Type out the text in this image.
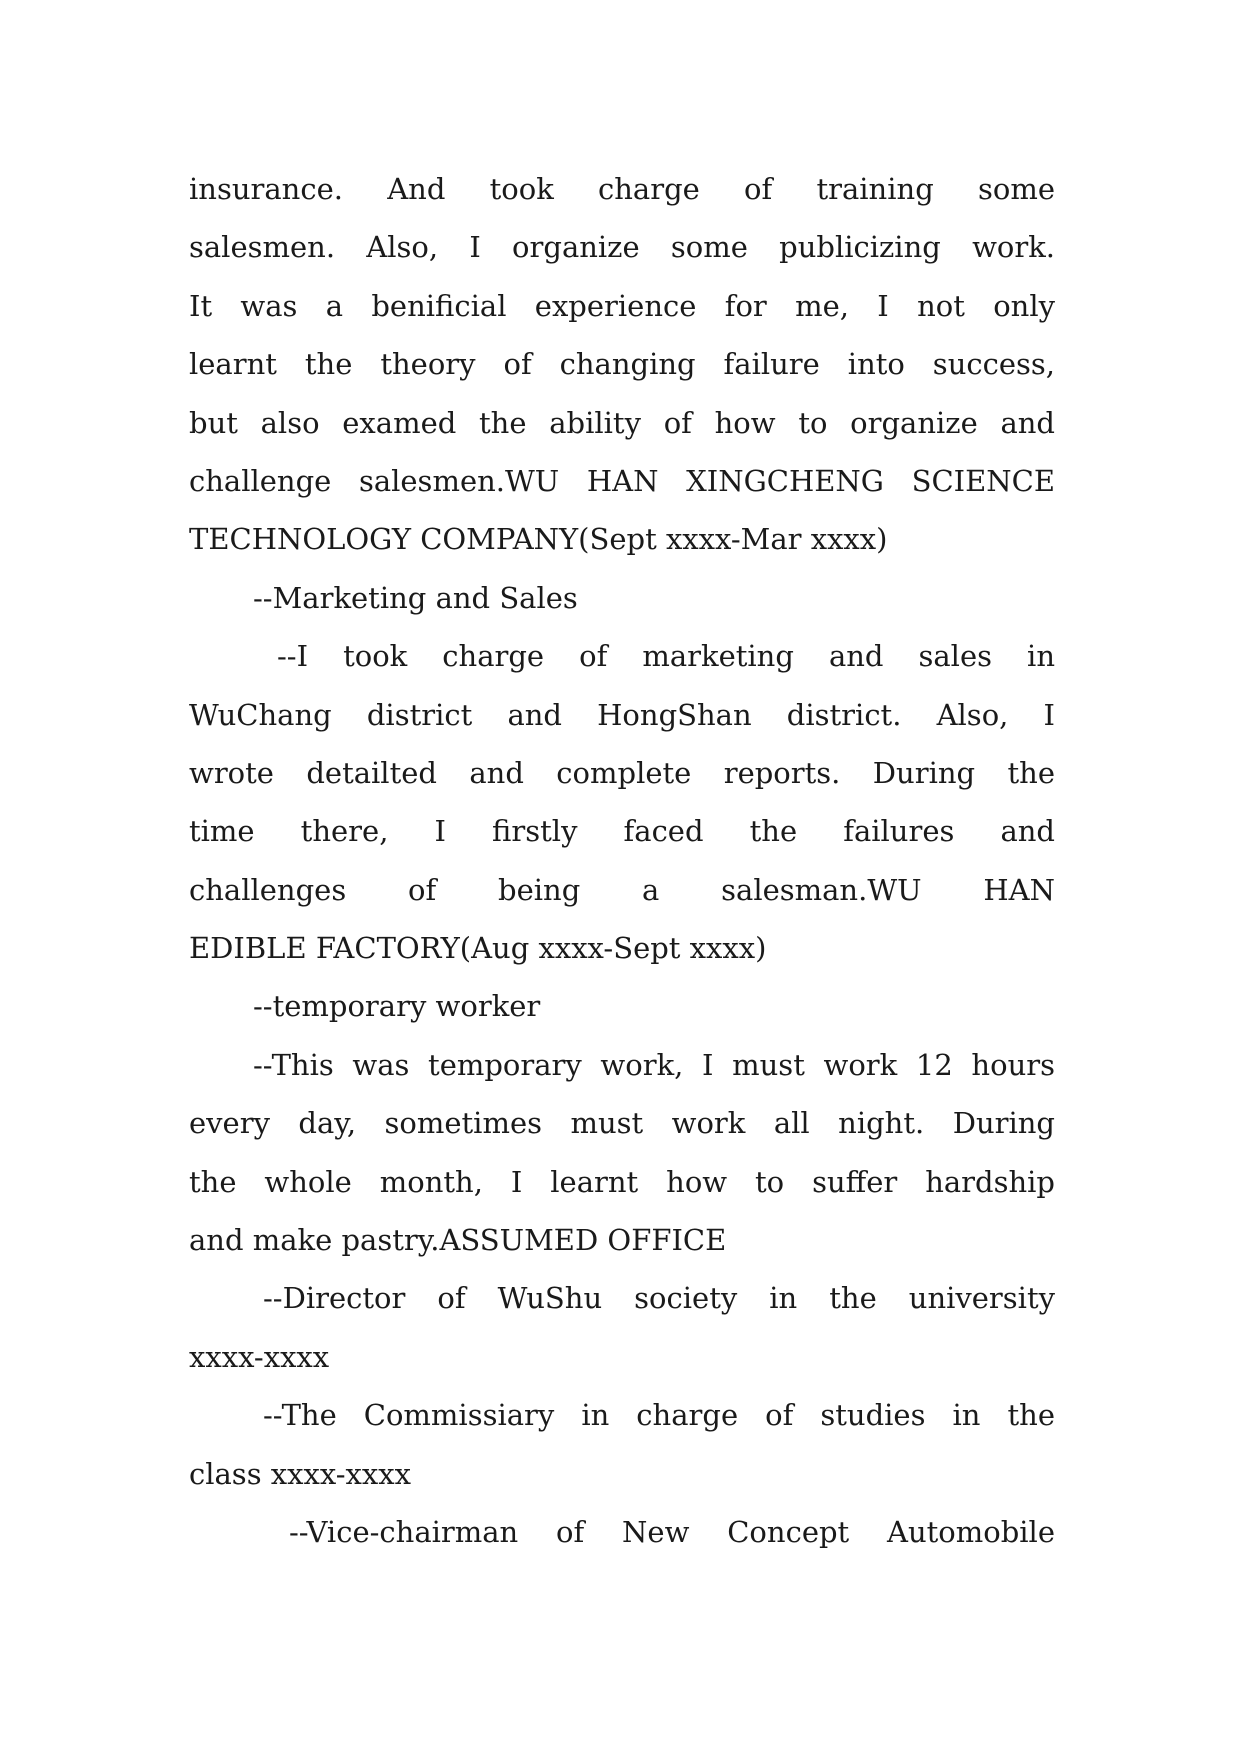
insurance. And took charge of training some
salesmen. Also, I organize some publicizing work.
It was a benificial experience for me, I not only
learnt the theory of changing failure into success,
but also examed the ability of how to organize and
challenge salesmen.WU HAN XINGCHENG SCIENCE
TECHNOLOGY COMPANY(Sept xxxx-Mar xxxx)
--Marketing and Sales
--I took charge of marketing and sales in
WuChang district and HongShan district. Also, I
wrote detailted and complete reports. During the
time there, I firstly faced the failures and
challenges of being a salesman.WU HAN
EDIBLE FACTORY(Aug xxxx-Sept xxxx)
--temporary worker
--This was temporary work, I must work 12 hours
every day, sometimes must work all night. During
the whole month, I learnt how to suffer hardship
and make pastry.ASSUMED OFFICE
--Director of WuShu society in the university
xxxx-xxxx
--The Commissiary in charge of studies in the
class xxxx-xxxx
--Vice-chairman of New Concept Automobile
